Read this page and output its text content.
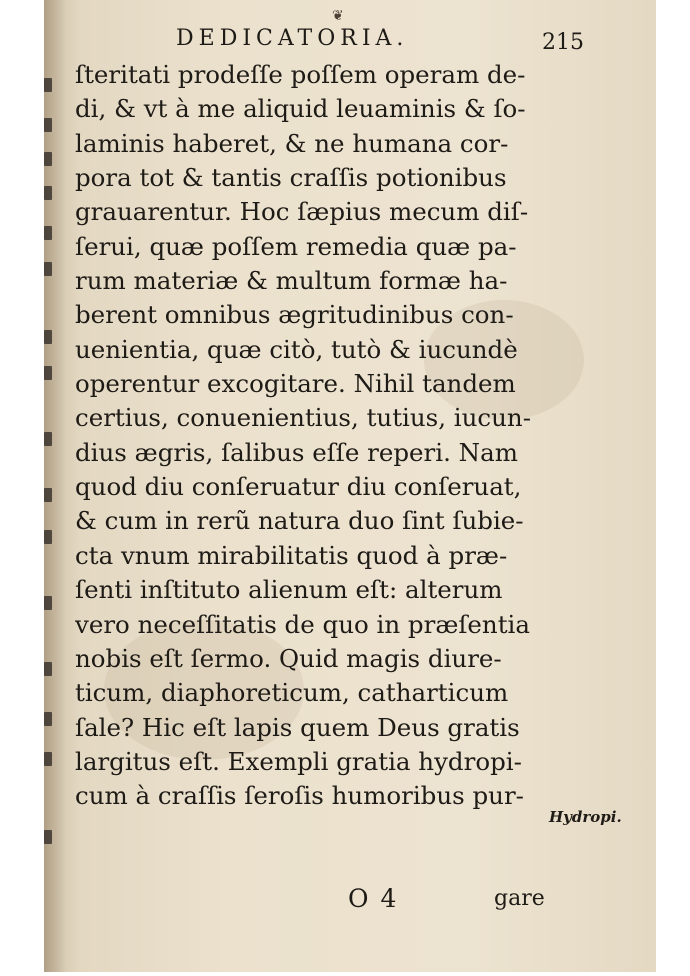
❦
DEDICATORIA.	215
ſteritati prodeſſe poſſem operam de-
di, & vt à me aliquid leuaminis & ſo-
laminis haberet, & ne humana cor-
pora tot & tantis craſſis potionibus
grauarentur. Hoc ſæpius mecum diſ-
ſerui, quæ poſſem remedia quæ pa-
rum materiæ & multum formæ ha-
berent omnibus ægritudinibus con-
uenientia, quæ citò, tutò & iucundè
operentur excogitare. Nihil tandem
certius, conuenientius, tutius, iucun-
dius ægris, ſalibus eſſe reperi. Nam
quod diu conſeruatur diu conſeruat,
& cum in rerũ natura duo ſint ſubie-
cta vnum mirabilitatis quod à præ-
ſenti inſtituto alienum eſt: alterum
vero neceſſitatis de quo in præſentia
nobis eſt ſermo. Quid magis diure-
ticum, diaphoreticum, catharticum
ſale? Hic eſt lapis quem Deus gratis
largitus eſt. Exempli gratia hydropi-
cum à craſſis ſeroſis humoribus pur-
Hydropi.
O 4	gare
